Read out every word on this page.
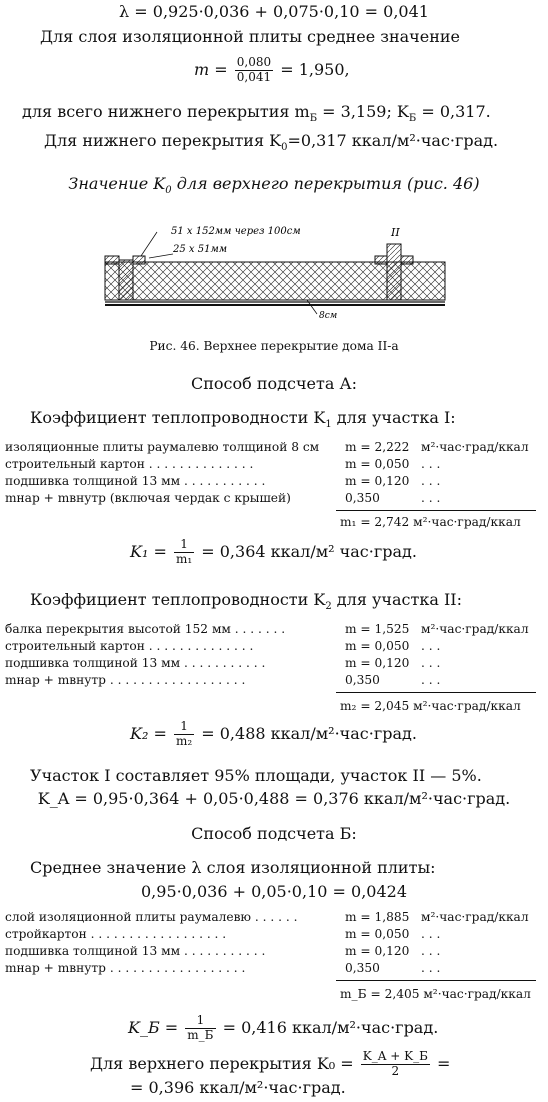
λ = 0,925·0,036 + 0,075·0,10 = 0,041
Для слоя изоляционной плиты среднее значение
$m = \frac{0,080}{0,041} = 1,950$,
для всего нижнего перекрытия $m_Б = 3,159$; $K_Б = 0,317$.
Для нижнего перекрытия $K_0=0,317$ ккал/м²·час·град.
Значение $K_0$ для верхнего перекрытия (рис. 46)
51 x 152мм через 100см
25 x 51мм
II
8см
Рис. 46. Верхнее перекрытие дома II-а
Способ подсчета А:
Коэффициент теплопроводности $K_1$ для участка I:
изоляционные плиты раумалевю толщиной 8 см m = 2,222 м²·час·град/ккал
строительный картон . . . . . . . . . . . . . .	m = 0,050 . . .
подшивка толщиной 13 мм . . . . . . . . . . .	m = 0,120 . . .
mнар + mвнутр (включая чердак с крышей)	0,350	. . .
m₁ = 2,742 м²·час·град/ккал
$K_1 = \frac{1}{\text{m₁}} = 0,364$ ккал/м² час·град.
Коэффициент теплопроводности $K_2$ для участка II:
балка перекрытия высотой 152 мм . . . . . . .	m = 1,525 м²·час·град/ккал
строительный картон . . . . . . . . . . . . . .	m = 0,050 . . .
подшивка толщиной 13 мм . . . . . . . . . . .	m = 0,120 . . .
mнар + mвнутр . . . . . . . . . . . . . . . . . .	0,350	. . .
m₂ = 2,045 м²·час·град/ккал
$K_2 = \frac{1}{\text{m₂}} = 0,488$ ккал/м²·час·град.
Участок I составляет 95% площади, участок II — 5%.
K_A = 0,95·0,364 + 0,05·0,488 = 0,376 ккал/м²·час·град.
Способ подсчета Б:
Среднее значение λ слоя изоляционной плиты:
0,95·0,036 + 0,05·0,10 = 0,0424
слой изоляционной плиты раумалевю . . . . . .	m = 1,885 м²·час·град/ккал
стройкартон . . . . . . . . . . . . . . . . . .	m = 0,050 . . .
подшивка толщиной 13 мм . . . . . . . . . . .	m = 0,120 . . .
mнар + mвнутр . . . . . . . . . . . . . . . . . .	0,350	. . .
m_Б = 2,405 м²·час·град/ккал
K_Б = $\frac{1}{m\_Б} = 0,416$ ккал/м²·час·град.
Для верхнего перекрытия $K_0 = \frac{K\_A + K\_Б}{2}$ =
= 0,396 ккал/м²·час·град.
